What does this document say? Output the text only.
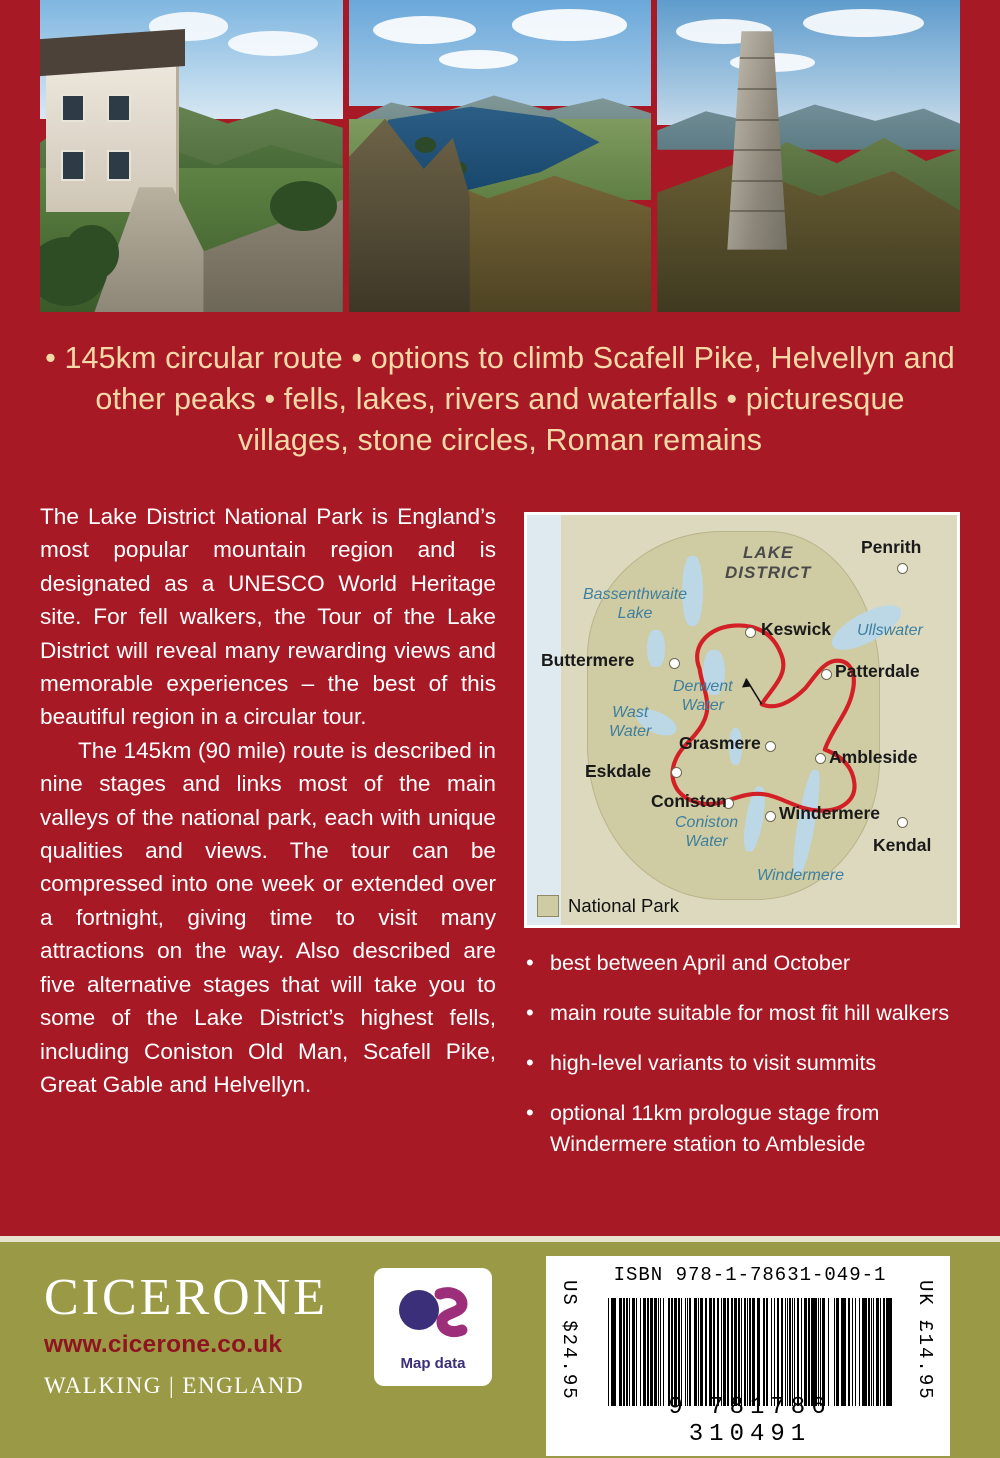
• 145km circular route • options to climb Scafell Pike, Helvellyn and other peaks • fells, lakes, rivers and waterfalls • picturesque villages, stone circles, Roman remains

The Lake District National Park is England’s most popular mountain region and is designated as a UNESCO World Heritage site. For fell walkers, the Tour of the Lake District will reveal many rewarding views and memorable experiences – the best of this beautiful region in a circular tour.

The 145km (90 mile) route is described in nine stages and links most of the main valleys of the national park, each with unique qualities and views. The tour can be compressed into one week or extended over a fortnight, giving time to visit many attractions on the way. Also described are five alternative stages that will take you to some of the Lake District’s highest fells, including Coniston Old Man, Scafell Pike, Great Gable and Helvellyn.

LAKE
DISTRICT
Bassenthwaite
Lake
Ullswater
Derwent
Water
Wast
Water
Coniston
Water
Windermere
Penrith
Keswick
Buttermere
Patterdale
Grasmere
Ambleside
Eskdale
Coniston
Windermere
Kendal
National Park
• best between April and October
• main route suitable for most fit hill walkers
• high-level variants to visit summits
• optional 11km prologue stage from Windermere station to Ambleside
CICERONE
www.cicerone.co.uk
WALKING | ENGLAND
Map data	US $24.95	UK £14.95
ISBN 978-1-78631-049-1
9 781786 310491
